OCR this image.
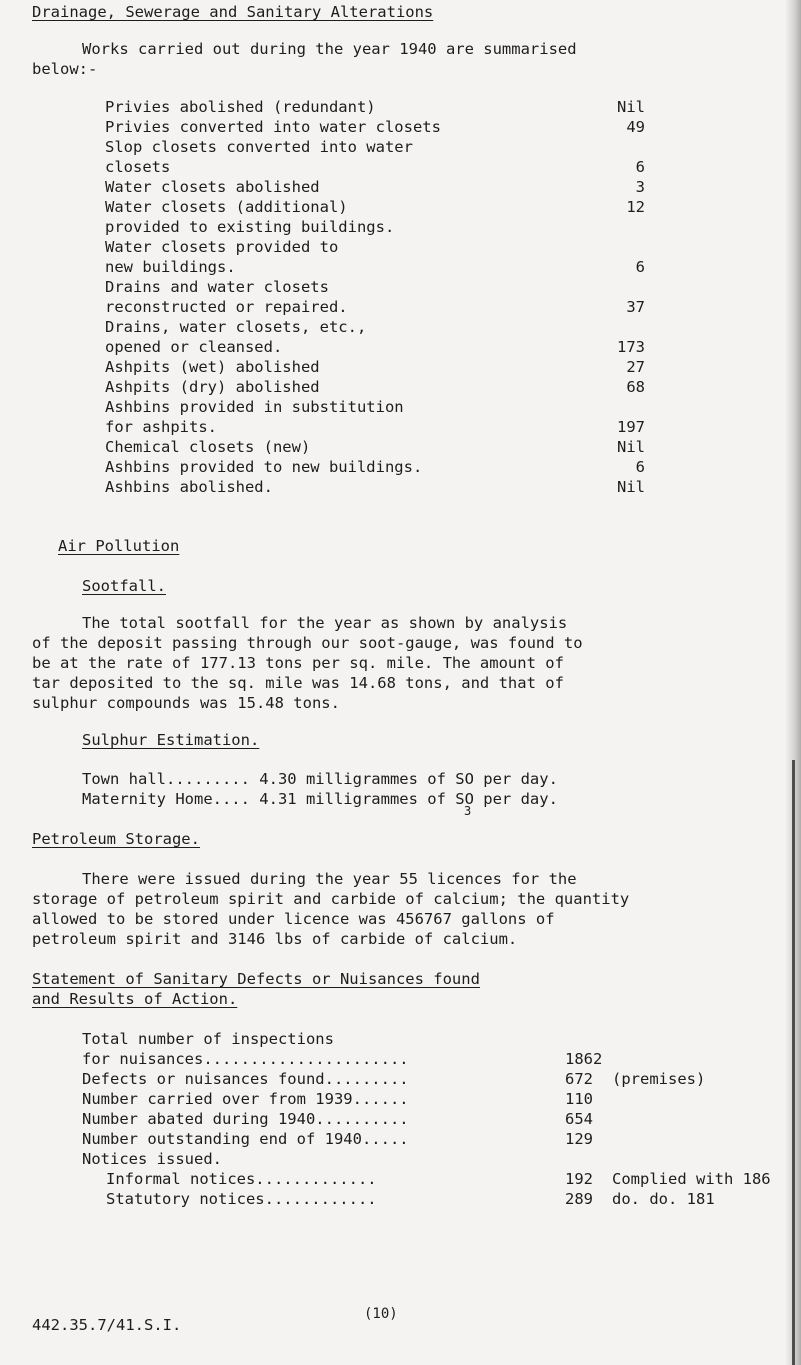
Drainage, Sewerage and Sanitary Alterations
Works carried out during the year 1940 are summarised
below:-
Privies abolished (redundant)	Nil
Privies converted into water closets	49
Slop closets converted into water
closets	6
Water closets abolished	3
Water closets (additional)	12
provided to existing buildings.
Water closets provided to
new buildings.	6
Drains and water closets
reconstructed or repaired.	37
Drains, water closets, etc.,
opened or cleansed.	173
Ashpits (wet) abolished	27
Ashpits (dry) abolished	68
Ashbins provided in substitution
for ashpits.	197
Chemical closets (new)	Nil
Ashbins provided to new buildings.	6
Ashbins abolished.	Nil
Air Pollution
Sootfall.
The total sootfall for the year as shown by analysis
of the deposit passing through our soot-gauge, was found to
be at the rate of 177.13 tons per sq. mile. The amount of
tar deposited to the sq. mile was 14.68 tons, and that of
sulphur compounds was 15.48 tons.
Sulphur Estimation.
Town hall......... 4.30 milligrammes of SO per day.
Maternity Home.... 4.31 milligrammes of SO per day.
3
Petroleum Storage.
There were issued during the year 55 licences for the
storage of petroleum spirit and carbide of calcium; the quantity
allowed to be stored under licence was 456767 gallons of
petroleum spirit and 3146 lbs of carbide of calcium.
Statement of Sanitary Defects or Nuisances found
and Results of Action.
Total number of inspections
for nuisances......................	1862
Defects or nuisances found.........	672 (premises)
Number carried over from 1939......	110
Number abated during 1940..........	654
Number outstanding end of 1940.....	129
Notices issued.
Informal notices.............	192 Complied with 186
Statutory notices............	289 do. do. 181
442.35.7/41.S.I.
(10)
